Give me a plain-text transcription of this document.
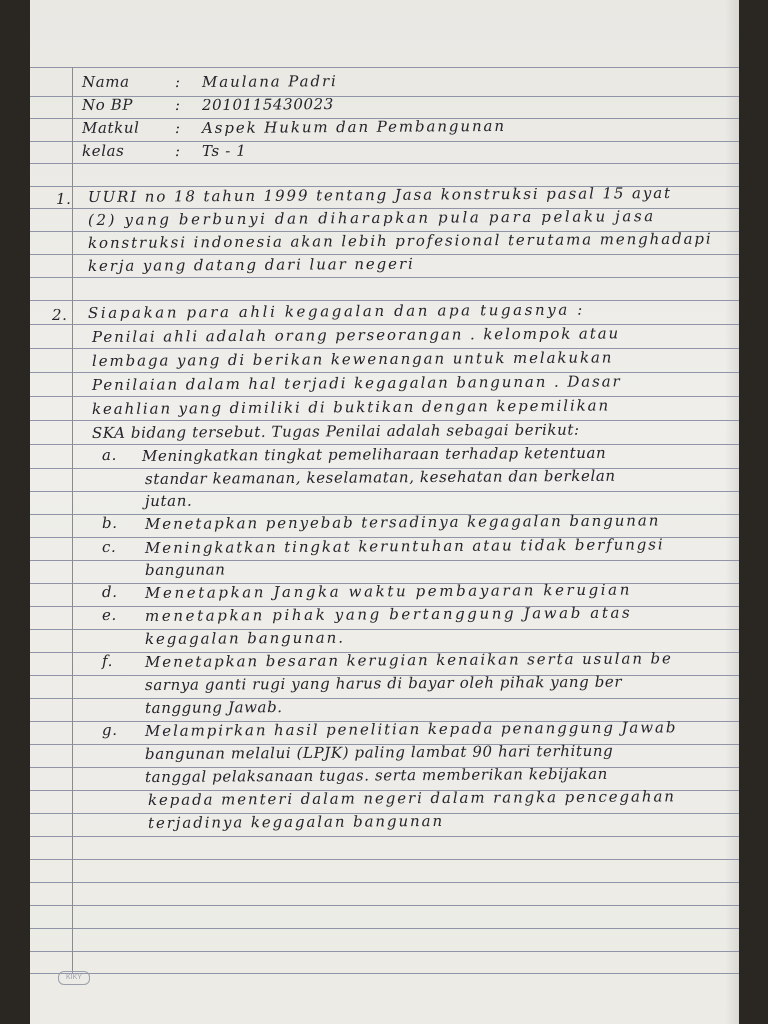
Nama	: Maulana Padri
No BP	: 2010115430023
Matkul : Aspek Hukum dan Pembangunan
kelas	: Ts - 1
1. UURI no 18 tahun 1999 tentang Jasa konstruksi pasal 15 ayat
(2) yang berbunyi dan diharapkan pula para pelaku jasa
konstruksi indonesia akan lebih profesional terutama menghadapi
kerja yang datang dari luar negeri
2. Siapakan para ahli kegagalan dan apa tugasnya :
Penilai ahli adalah orang perseorangan . kelompok atau
lembaga yang di berikan kewenangan untuk melakukan
Penilaian dalam hal terjadi kegagalan bangunan . Dasar
keahlian yang dimiliki di buktikan dengan kepemilikan
SKA bidang tersebut. Tugas Penilai adalah sebagai berikut:
a. Meningkatkan tingkat pemeliharaan terhadap ketentuan
standar keamanan, keselamatan, kesehatan dan berkelan
jutan.
b. Menetapkan penyebab tersadinya kegagalan bangunan
c. Meningkatkan tingkat keruntuhan atau tidak berfungsi
bangunan
d. Menetapkan Jangka waktu pembayaran kerugian
e. menetapkan pihak yang bertanggung Jawab atas
kegagalan bangunan.
f. Menetapkan besaran kerugian kenaikan serta usulan be
sarnya ganti rugi yang harus di bayar oleh pihak yang ber
tanggung Jawab.
g. Melampirkan hasil penelitian kepada penanggung Jawab
bangunan melalui (LPJK) paling lambat 90 hari terhitung
tanggal pelaksanaan tugas. serta memberikan kebijakan
kepada menteri dalam negeri dalam rangka pencegahan
terjadinya kegagalan bangunan
KIKY
